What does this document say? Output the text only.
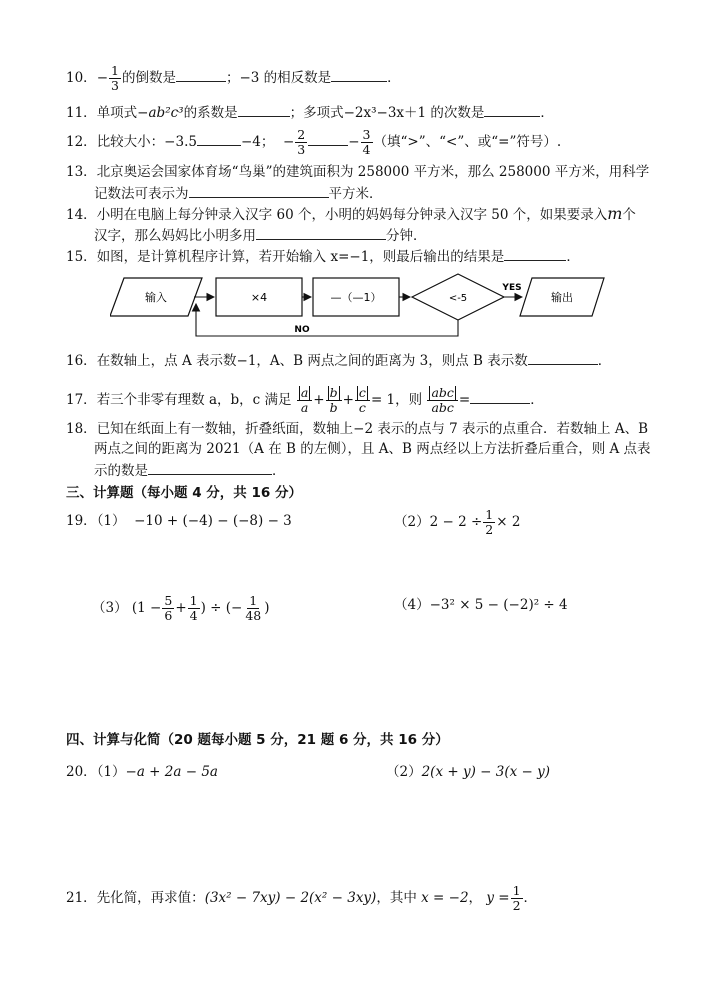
10．− $\frac{1}{3}$ 的倒数是	；−3 的相反数是	．
11．单项式−ab²c³的系数是	；多项式−2x³−3x＋1 的次数是	．
12．比较大小：−3.5	−4； − $\frac{2}{3}$	− $\frac{3}{4}$ （填“>”、“<”、或“=”符号）.
13．北京奥运会国家体育场“鸟巢”的建筑面积为 258000 平方米，那么 258000 平方米，用科学
记数法可表示为	平方米．
14．小明在电脑上每分钟录入汉字 60 个，小明的妈妈每分钟录入汉字 50 个，如果要录入m个
汉字，那么妈妈比小明多用	分钟．
15．如图，是计算机程序计算，若开始输入 x=−1，则最后输出的结果是	．
输入	×4	—（—1）	<-5
YES
输出
NO
16．在数轴上，点 A 表示数−1，A、B 两点之间的距离为 3，则点 B 表示数	．
17．若三个非零有理数 a，b，c 满足 $\frac{a}{a} + \frac{b}{b} + \frac{c}{c} = 1$，则 $\frac{\text{abc}}{\text{abc}}$ =	．
18．已知在纸面上有一数轴，折叠纸面，数轴上−2 表示的点与 7 表示的点重合．若数轴上 A、B
两点之间的距离为 2021（A 在 B 的左侧），且 A、B 两点经以上方法折叠后重合，则 A 点表
示的数是	．
三、计算题（每小题 4 分，共 16 分）
19．（1） −10 + (−4) − (−8) − 3	$(2)2 - 2 \div \frac{1}{2} \times 2$
（3） ($1 - \frac{5}{6} + \frac{1}{4}$ ) ÷ (− $\frac{1}{48}$ )	（4）−3² × 5 − (−2)² ÷ 4
四、计算与化简（20 题每小题 5 分，21 题 6 分，共 16 分）
20．（1）−a + 2a − 5a	（2）2(x + y) − 3(x − y)
21．先化简，再求值：(3x² − 7xy) − 2(x² − 3xy)，其中 x = −2， $y = \frac{1}{2}$ ．
